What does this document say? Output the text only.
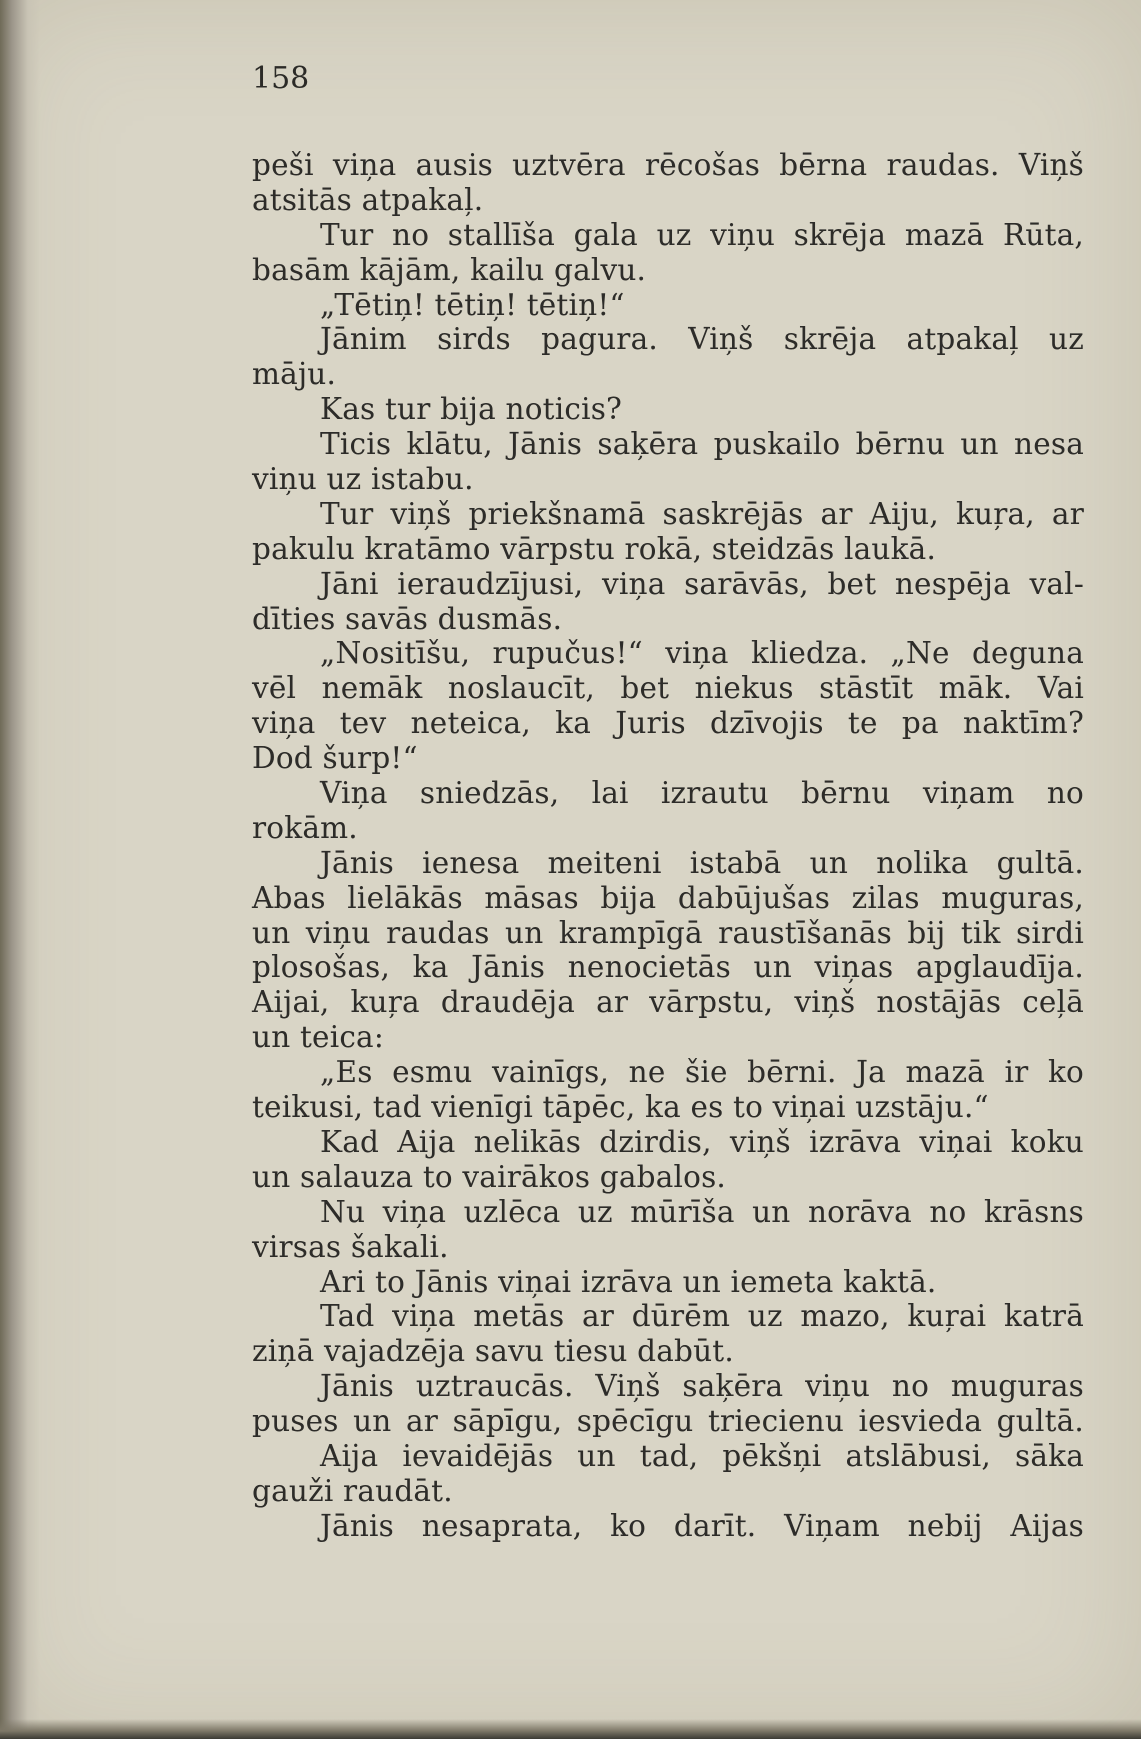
158
peši viņa ausis uztvēra rēcošas bērna raudas. Viņš
atsitās atpakaļ.
Tur no stallīša gala uz viņu skrēja mazā Rūta,
basām kājām, kailu galvu.
„Tētiņ! tētiņ! tētiņ!“
Jānim sirds pagura. Viņš skrēja atpakaļ uz
māju.
Kas tur bija noticis?
Ticis klātu, Jānis saķēra puskailo bērnu un nesa
viņu uz istabu.
Tur viņš priekšnamā saskrējās ar Aiju, kuŗa, ar
pakulu kratāmo vārpstu rokā, steidzās laukā.
Jāni ieraudzījusi, viņa sarāvās, bet nespēja val-
dīties savās dusmās.
„Nositīšu, rupučus!“ viņa kliedza. „Ne deguna
vēl nemāk noslaucīt, bet niekus stāstīt māk. Vai
viņa tev neteica, ka Juris dzīvojis te pa naktīm?
Dod šurp!“
Viņa sniedzās, lai izrautu bērnu viņam no
rokām.
Jānis ienesa meiteni istabā un nolika gultā.
Abas lielākās māsas bija dabūjušas zilas muguras,
un viņu raudas un krampīgā raustīšanās bij tik sirdi
plosošas, ka Jānis nenocietās un viņas apglaudīja.
Aijai, kuŗa draudēja ar vārpstu, viņš nostājās ceļā
un teica:
„Es esmu vainīgs, ne šie bērni. Ja mazā ir ko
teikusi, tad vienīgi tāpēc, ka es to viņai uzstāju.“
Kad Aija nelikās dzirdis, viņš izrāva viņai koku
un salauza to vairākos gabalos.
Nu viņa uzlēca uz mūrīša un norāva no krāsns
virsas šakali.
Ari to Jānis viņai izrāva un iemeta kaktā.
Tad viņa metās ar dūrēm uz mazo, kuŗai katrā
ziņā vajadzēja savu tiesu dabūt.
Jānis uztraucās. Viņš saķēra viņu no muguras
puses un ar sāpīgu, spēcīgu triecienu iesvieda gultā.
Aija ievaidējās un tad, pēkšņi atslābusi, sāka
gauži raudāt.
Jānis nesaprata, ko darīt. Viņam nebij Aijas
